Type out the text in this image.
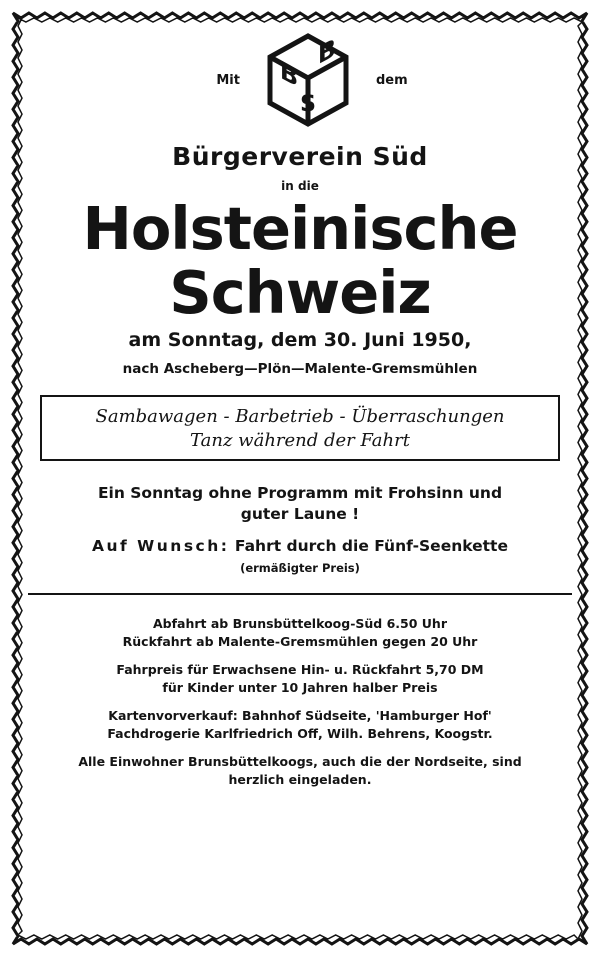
Mit B
B
S
dem
Bürgerverein Süd
in die
Holsteinische
Schweiz
am Sonntag, dem 30. Juni 1950,
nach Ascheberg—Plön—Malente-Gremsmühlen
Sambawagen - Barbetrieb - Überraschungen
Tanz während der Fahrt
Ein Sonntag ohne Programm mit Frohsinn und
guter Laune !
Auf Wunsch: Fahrt durch die Fünf-Seenkette
(ermäßigter Preis)

Abfahrt ab Brunsbüttelkoog-Süd 6.50 Uhr
Rückfahrt ab Malente-Gremsmühlen gegen 20 Uhr

Fahrpreis für Erwachsene Hin- u. Rückfahrt 5,70 DM
für Kinder unter 10 Jahren halber Preis

Kartenvorverkauf: Bahnhof Südseite, 'Hamburger Hof'
Fachdrogerie Karlfriedrich Off, Wilh. Behrens, Koogstr.

Alle Einwohner Brunsbüttelkoogs, auch die der Nordseite, sind
herzlich eingeladen.
